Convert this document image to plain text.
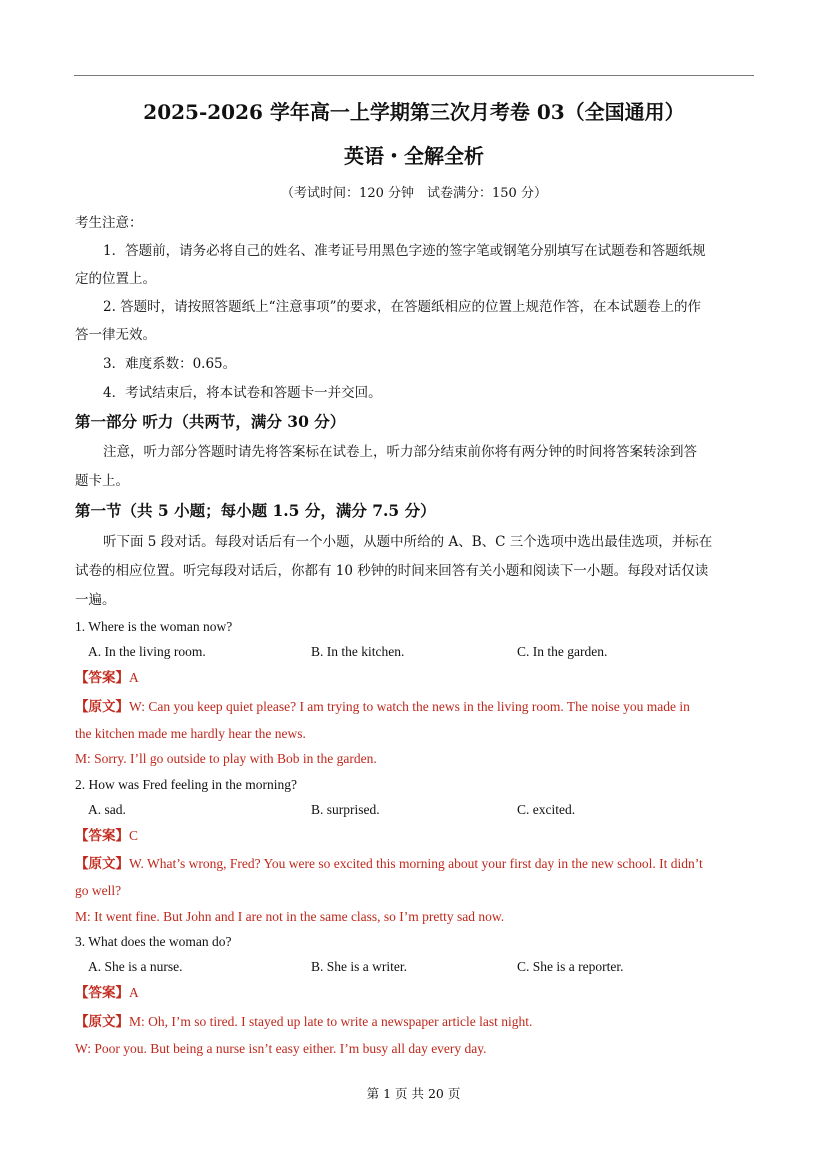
2025-2026 学年高一上学期第三次月考卷 03（全国通用）
英语・全解全析
（考试时间：120 分钟　试卷满分：150 分）
考生注意：
1．答题前，请务必将自己的姓名、准考证号用黑色字迹的签字笔或钢笔分别填写在试题卷和答题纸规
定的位置上。
2. 答题时，请按照答题纸上“注意事项”的要求，在答题纸相应的位置上规范作答，在本试题卷上的作
答一律无效。
3．难度系数：0.65。
4．考试结束后，将本试卷和答题卡一并交回。
第一部分 听力（共两节，满分 30 分）
注意，听力部分答题时请先将答案标在试卷上，听力部分结束前你将有两分钟的时间将答案转涂到答
题卡上。
第一节（共 5 小题；每小题 1.5 分，满分 7.5 分）
听下面 5 段对话。每段对话后有一个小题，从题中所给的 A、B、C 三个选项中选出最佳选项，并标在
试卷的相应位置。听完每段对话后，你都有 10 秒钟的时间来回答有关小题和阅读下一小题。每段对话仅读
一遍。
1. Where is the woman now?
A. In the living room.	B. In the kitchen.	C. In the garden.
【答案】A
【原文】W: Can you keep quiet please? I am trying to watch the news in the living room. The noise you made in
the kitchen made me hardly hear the news.
M: Sorry. I’ll go outside to play with Bob in the garden.
2. How was Fred feeling in the morning?
A. sad.	B. surprised.	C. excited.
【答案】C
【原文】W. What’s wrong, Fred? You were so excited this morning about your first day in the new school. It didn’t
go well?
M: It went fine. But John and I are not in the same class, so I’m pretty sad now.
3. What does the woman do?
A. She is a nurse.	B. She is a writer.	C. She is a reporter.
【答案】A
【原文】M: Oh, I’m so tired. I stayed up late to write a newspaper article last night.
W: Poor you. But being a nurse isn’t easy either. I’m busy all day every day.
第 1 页 共 20 页
